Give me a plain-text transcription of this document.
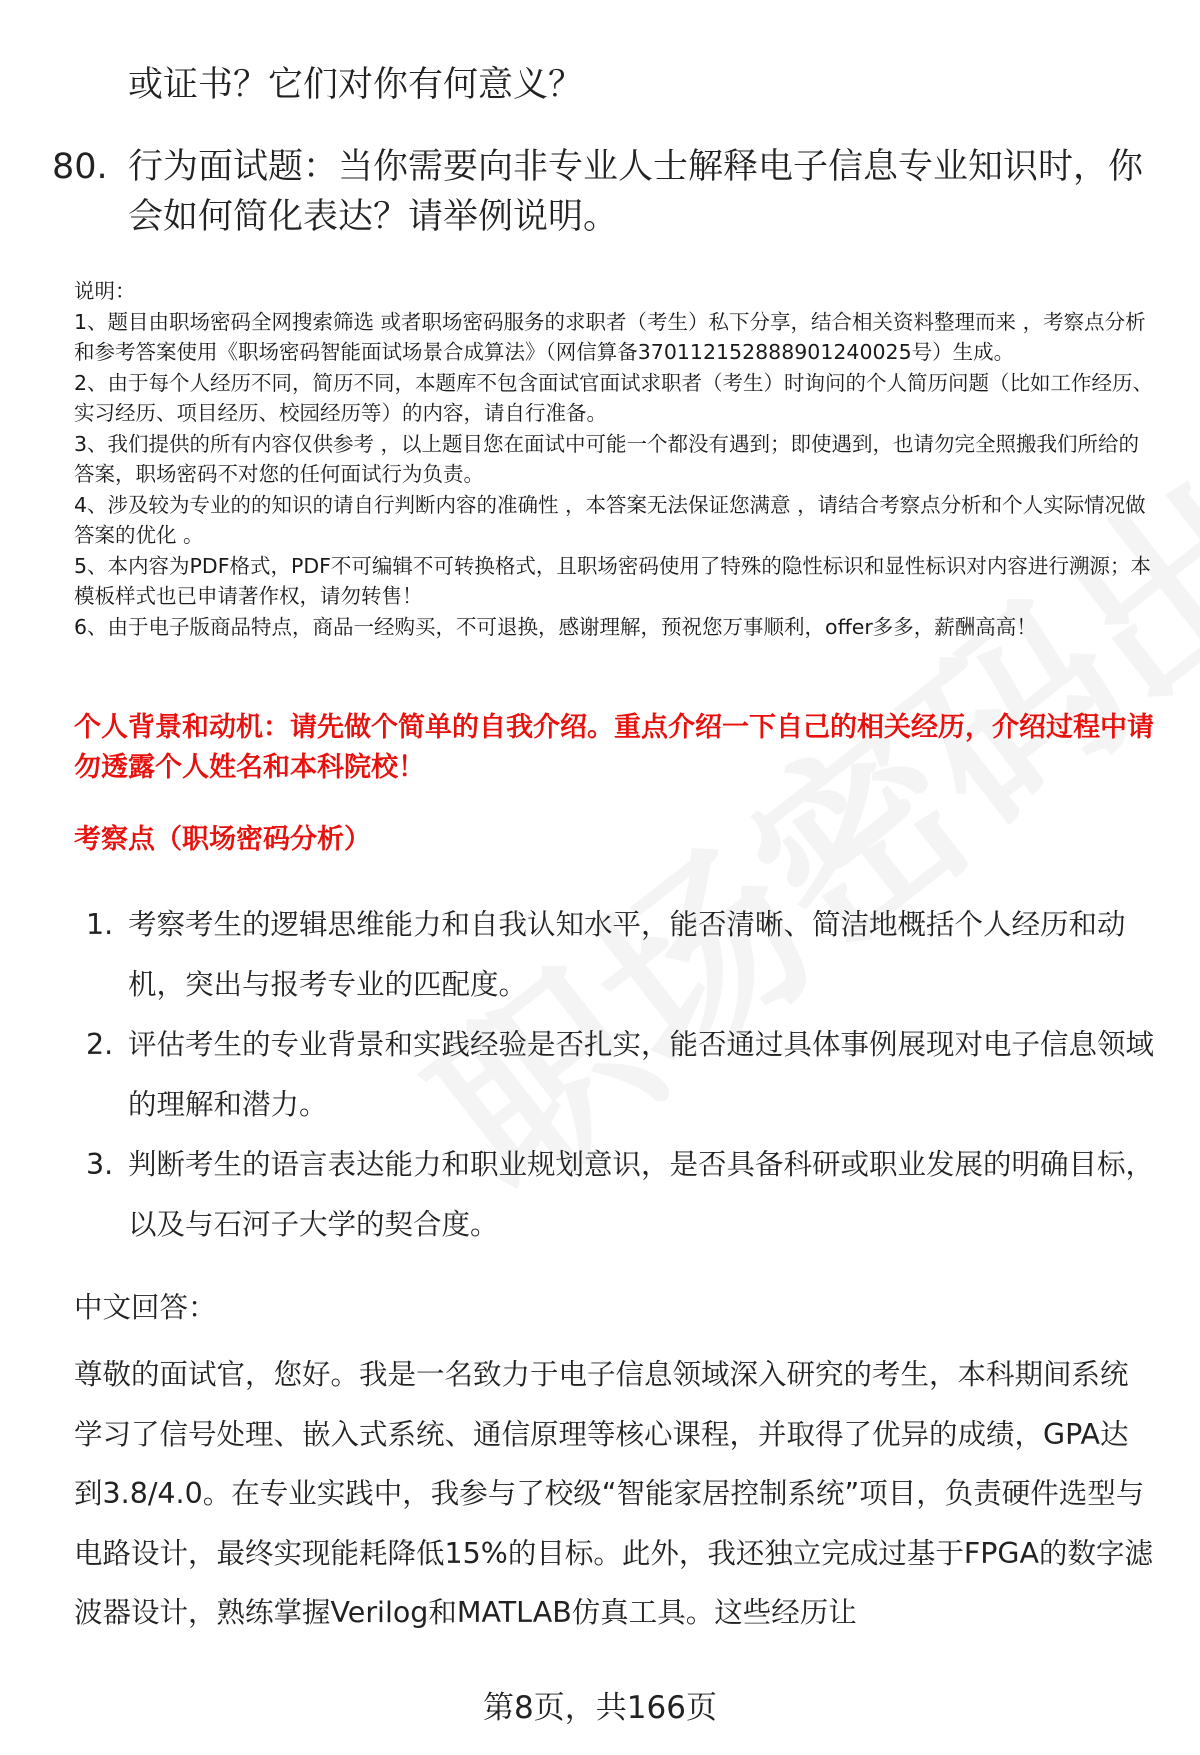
或证书？它们对你有何意义？
80. 行为面试题：当你需要向非专业人士解释电子信息专业知识时，你会如何简化表达？请举例说明。

说明：

1、题目由职场密码全网搜索筛选 或者职场密码服务的求职者（考生）私下分享，结合相关资料整理而来 ，考察点分析和参考答案使用《职场密码智能面试场景合成算法》（网信算备370112152888901240025号）生成。

2、由于每个人经历不同，简历不同，本题库不包含面试官面试求职者（考生）时询问的个人简历问题（比如工作经历、实习经历、项目经历、校园经历等）的内容，请自行准备。

3、我们提供的所有内容仅供参考 ，以上题目您在面试中可能一个都没有遇到；即使遇到，也请勿完全照搬我们所给的答案，职场密码不对您的任何面试行为负责。

4、涉及较为专业的的知识的请自行判断内容的准确性 ，本答案无法保证您满意 ，请结合考察点分析和个人实际情况做答案的优化 。

5、本内容为PDF格式，PDF不可编辑不可转换格式，且职场密码使用了特殊的隐性标识和显性标识对内容进行溯源；本模板样式也已申请著作权，请勿转售！

6、由于电子版商品特点，商品一经购买，不可退换，感谢理解，预祝您万事顺利，offer多多，薪酬高高！

个人背景和动机：请先做个简单的自我介绍。重点介绍一下自己的相关经历，介绍过程中请勿透露个人姓名和本科院校！
考察点（职场密码分析）
1. 考察考生的逻辑思维能力和自我认知水平，能否清晰、简洁地概括个人经历和动机，突出与报考专业的匹配度。
2. 评估考生的专业背景和实践经验是否扎实，能否通过具体事例展现对电子信息领域的理解和潜力。
3. 判断考生的语言表达能力和职业规划意识，是否具备科研或职业发展的明确目标，以及与石河子大学的契合度。
中文回答：
尊敬的面试官，您好。我是一名致力于电子信息领域深入研究的考生，本科期间系统学习了信号处理、嵌入式系统、通信原理等核心课程，并取得了优异的成绩，GPA达到3.8/4.0。在专业实践中，我参与了校级“智能家居控制系统”项目，负责硬件选型与电路设计，最终实现能耗降低15%的目标。此外，我还独立完成过基于FPGA的数字滤波器设计，熟练掌握Verilog和MATLAB仿真工具。这些经历让
第8页，共166页
